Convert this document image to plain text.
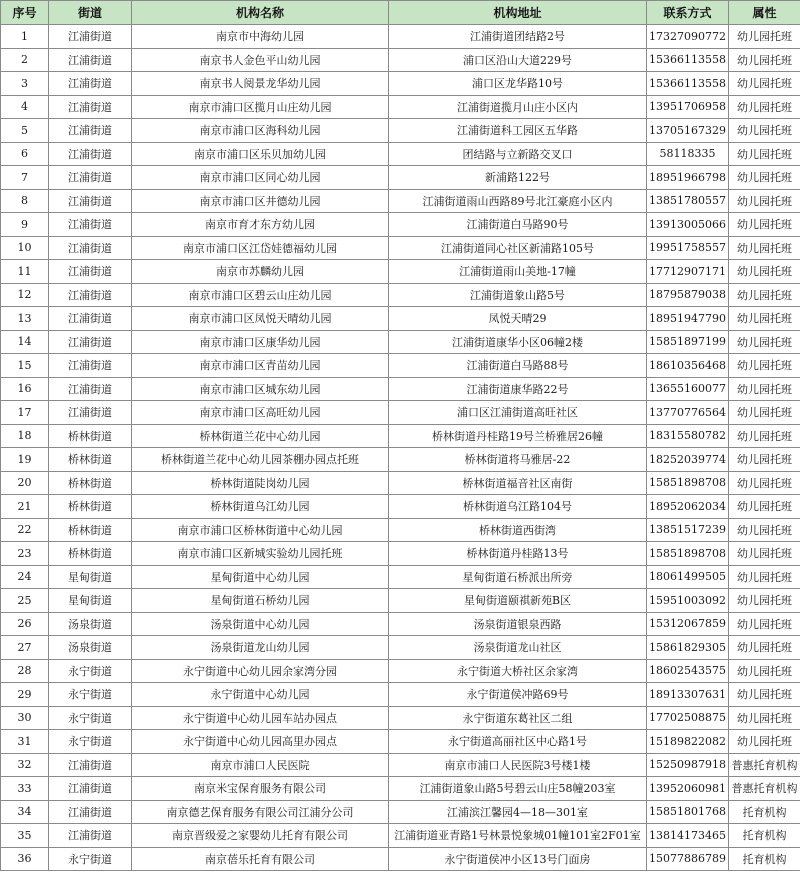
序号	街道	机构名称	机构地址	联系方式	属性
1	江浦街道	南京市中海幼儿园	江浦街道团结路2号	17327090772	幼儿园托班
2	江浦街道	南京书人金色平山幼儿园	浦口区沿山大道229号	15366113558	幼儿园托班
3	江浦街道	南京书人阅景龙华幼儿园	浦口区龙华路10号	15366113558	幼儿园托班
4	江浦街道	南京市浦口区揽月山庄幼儿园	江浦街道揽月山庄小区内	13951706958	幼儿园托班
5	江浦街道	南京市浦口区海科幼儿园	江浦街道科工园区五华路	13705167329	幼儿园托班
6	江浦街道	南京市浦口区乐贝加幼儿园	团结路与立新路交叉口	58118335	幼儿园托班
7	江浦街道	南京市浦口区同心幼儿园	新浦路122号	18951966798	幼儿园托班
8	江浦街道	南京市浦口区井德幼儿园	江浦街道雨山西路89号北江豪庭小区内	13851780557	幼儿园托班
9	江浦街道	南京市育才东方幼儿园	江浦街道白马路90号	13913005066	幼儿园托班
10	江浦街道	南京市浦口区江岱娃德福幼儿园	江浦街道同心社区新浦路105号	19951758557	幼儿园托班
11	江浦街道	南京市苏麟幼儿园	江浦街道雨山美地-17幢	17712907171	幼儿园托班
12	江浦街道	南京市浦口区碧云山庄幼儿园	江浦街道象山路5号	18795879038	幼儿园托班
13	江浦街道	南京市浦口区凤悦天晴幼儿园	凤悦天晴29	18951947790	幼儿园托班
14	江浦街道	南京市浦口区康华幼儿园	江浦街道康华小区06幢2楼	15851897199	幼儿园托班
15	江浦街道	南京市浦口区青苗幼儿园	江浦街道白马路88号	18610356468	幼儿园托班
16	江浦街道	南京市浦口区城东幼儿园	江浦街道康华路22号	13655160077	幼儿园托班
17	江浦街道	南京市浦口区高旺幼儿园	浦口区江浦街道高旺社区	13770776564	幼儿园托班
18	桥林街道	桥林街道兰花中心幼儿园	桥林街道丹桂路19号兰桥雅居26幢	18315580782	幼儿园托班
19	桥林街道	桥林街道兰花中心幼儿园茶棚办园点托班	桥林街道将马雅居-22	18252039774	幼儿园托班
20	桥林街道	桥林街道陡岗幼儿园	桥林街道福音社区南街	15851898708	幼儿园托班
21	桥林街道	桥林街道乌江幼儿园	桥林街道乌江路104号	18952062034	幼儿园托班
22	桥林街道	南京市浦口区桥林街道中心幼儿园	桥林街道西街湾	13851517239	幼儿园托班
23	桥林街道	南京市浦口区新城实验幼儿园托班	桥林街道丹桂路13号	15851898708	幼儿园托班
24	星甸街道	星甸街道中心幼儿园	星甸街道石桥派出所旁	18061499505	幼儿园托班
25	星甸街道	星甸街道石桥幼儿园	星甸街道颐祺新苑B区	15951003092	幼儿园托班
26	汤泉街道	汤泉街道中心幼儿园	汤泉街道银泉西路	15312067859	幼儿园托班
27	汤泉街道	汤泉街道龙山幼儿园	汤泉街道龙山社区	15861829305	幼儿园托班
28	永宁街道	永宁街道中心幼儿园余家湾分园	永宁街道大桥社区余家湾	18602543575	幼儿园托班
29	永宁街道	永宁街道中心幼儿园	永宁街道侯冲路69号	18913307631	幼儿园托班
30	永宁街道	永宁街道中心幼儿园车站办园点	永宁街道东葛社区二组	17702508875	幼儿园托班
31	永宁街道	永宁街道中心幼儿园高里办园点	永宁街道高丽社区中心路1号	15189822082	幼儿园托班
32	江浦街道	南京市浦口人民医院	南京市浦口人民医院3号楼1楼	15250987918	普惠托育机构
33	江浦街道	南京米宝保育服务有限公司	江浦街道象山路5号碧云山庄58幢203室	13952060981	普惠托育机构
34	江浦街道	南京德艺保育服务有限公司江浦分公司	江浦滨江馨园4—18—301室	15851801768	托育机构
35	江浦街道	南京晋级爱之家婴幼儿托育有限公司	江浦街道亚青路1号林景悦象城01幢101室2F01室	13814173465	托育机构
36	永宁街道	南京蓓乐托育有限公司	永宁街道侯冲小区13号门面房	15077886789	托育机构
